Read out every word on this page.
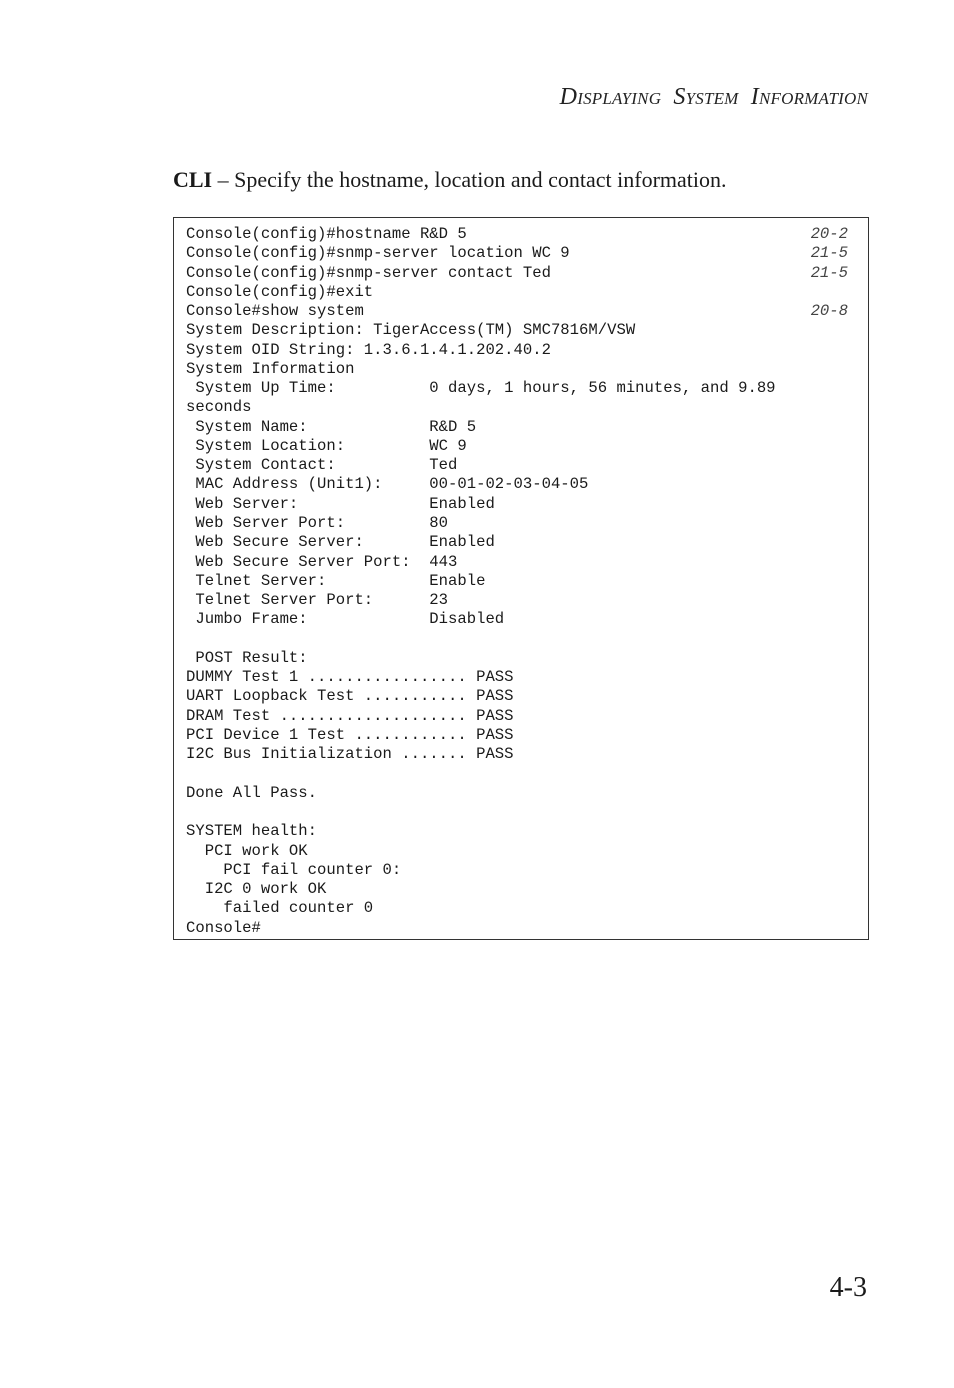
DISPLAYING SYSTEM INFORMATION
CLI – Specify the hostname, location and contact information.
Console(config)#hostname R&D 5	20-2
Console(config)#snmp-server location WC 9	21-5
Console(config)#snmp-server contact Ted	21-5
Console(config)#exit
Console#show system	20-8
System Description: TigerAccess(TM) SMC7816M/VSW
System OID String: 1.3.6.1.4.1.202.40.2
System Information
System Up Time:          0 days, 1 hours, 56 minutes, and 9.89
seconds
System Name:             R&D 5
System Location:         WC 9
System Contact:          Ted
MAC Address (Unit1):     00-01-02-03-04-05
Web Server:              Enabled
Web Server Port:         80
Web Secure Server:       Enabled
Web Secure Server Port:  443
Telnet Server:           Enable
Telnet Server Port:      23
Jumbo Frame:             Disabled
POST Result:
DUMMY Test 1 ................. PASS
UART Loopback Test ........... PASS
DRAM Test .................... PASS
PCI Device 1 Test ............ PASS
I2C Bus Initialization ....... PASS
Done All Pass.
SYSTEM health:
PCI work OK
PCI fail counter 0:
I2C 0 work OK
failed counter 0
Console#
4-3
